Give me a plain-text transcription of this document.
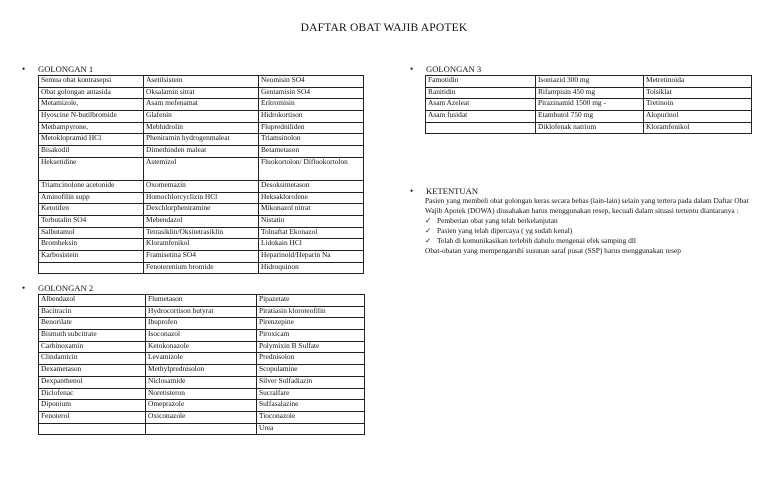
DAFTAR OBAT WAJIB APOTEK
• GOLONGAN 1
Semua obat kontrasepsi	Asetilsistein	Neomisin SO4
Obat golongan antasida	Oksalamin sitrat	Gentamisin SO4
Metamizole,	Asam mefenamat	Eritromisin
Hyoscine N-butilbromide	Glafenin	Hidrokortison
Methampyrone,	Mebhidrolin	Flupredniliden
Metoklopramid HCl	Pheniramin hydrogenmaleat	Triamsinolon
Bisakodil	Dimethinden maleat	Betametason
Heksetidine	Astemizol	Fluokortolon/ Difluokortolon
Triamcinolone acetonide	Oxomemazin	Desoksimetason
Aminofilin supp	Homochlorcyclizin HCl	Heksaklorofene
Ketotifen	Dexchlorpheniramine	Mikonazol nitrat
Terbutalin SO4	Mebendazol	Nistatin
Salbutamol	Tetrasiklin/Oksitetrasiklin	Tolnaftat Ekonazol
Bromheksin	Kloramfenikol	Lidokain HCl
Karbosistein	Framisetina SO4	Heparinoid/Heparin Na
	Fenoterenium bromide	Hidroquinon
• GOLONGAN 2
Albendazol	Flumetason	Pipazetate
Bacitracin	Hydrocortison butyrat	Piratiasin kloroteofilin
Benorilate	Ibuprofen	Pirenzepine
Bismuth subcitrate	Isoconazol	Piroxicam
Carbinoxamin	Ketokonazole	Polymixin B Sulfate
Clindamicin	Levamizole	Prednisolon
Dexametason	Methylprednisolon	Scopolamine
Dexpanthenol	Niclosamide	Silver Sulfadiazin
Diclofenac	Noretisteron	Sucralfare
Diponium	Omeprazole	Sulfasalazine
Fenoterol	Oxiconazole	Tioconazole
		Urea
• GOLONGAN 3
Famotidin	Isoniazid 300 mg	Metretinoida
Ranitidin	Rifampisin 450 mg	Tolsiklat
Asam Azeleat	Pirazinamid 1500 mg -	Tretinoin
Asam fusidat	Etambutol 750 mg	Alopurinol
	Diklofenak natrium	Kloramfenikol
• KETENTUAN

Pasien yang membeli obat golongan keras secara bebas (lain-lain) selain yang tertera pada dalam Daftar Obat Wajib Apotek (DOWA) diusahakan harus menggunakan resep, kecuali dalam situasi tertentu diantaranya :

✓ Pemberian obat yang telah berkelanjutan

✓ Pasien yang telah dipercaya ( yg sudah kenal)

✓ Telah di komunikasikan terlebih dahulu mengenai efek samping dll

Obat-obatan yang mempengaruhi susunan saraf pusat (SSP) harus menggunakan resep
